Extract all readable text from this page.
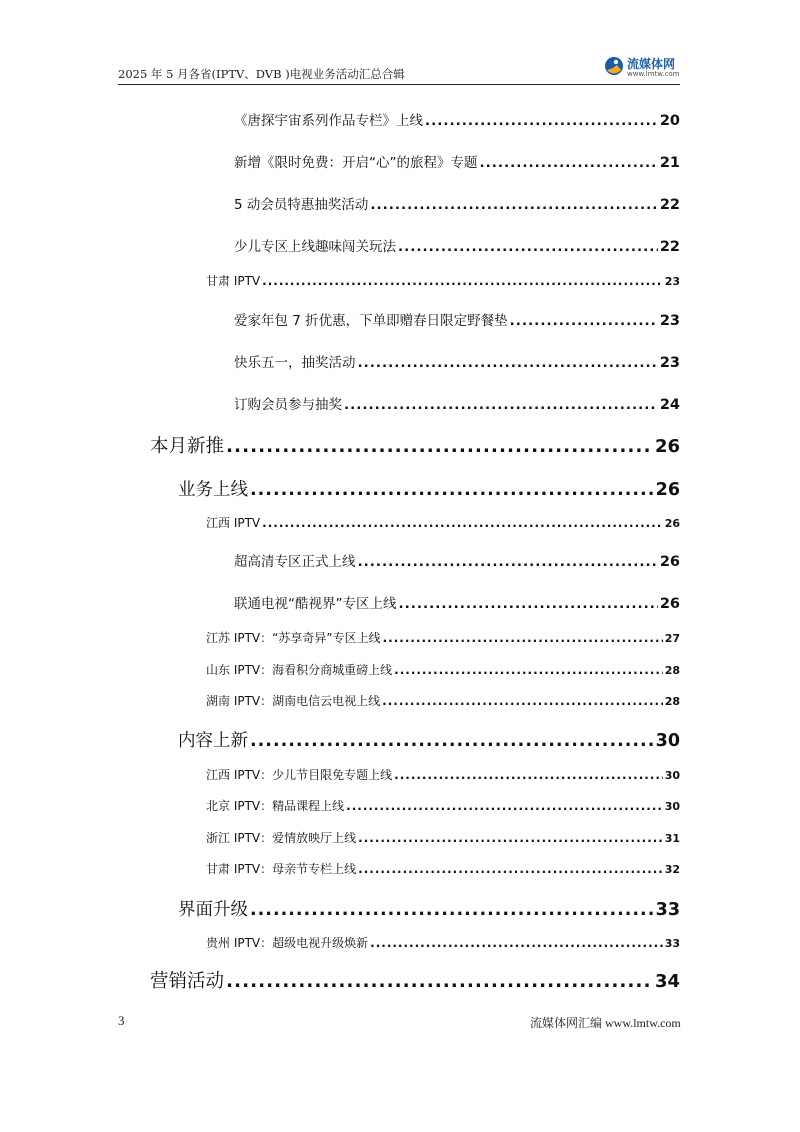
2025 年 5 月各省(IPTV、DVB )电视业务活动汇总合辑
流媒体网
www.lmtw.com
《唐探宇宙系列作品专栏》上线 .....	20
新增《限时免费：开启“心”的旅程》专题 .....	21
5 动会员特惠抽奖活动 .....	22
少儿专区上线趣味闯关玩法 .....	22
甘肃 IPTV .....	23
爱家年包 7 折优惠，下单即赠春日限定野餐垫 .....	23
快乐五一，抽奖活动 .....	23
订购会员参与抽奖 .....	24
本月新推 .....	26
业务上线 .....	26
江西 IPTV .....	26
超高清专区正式上线 .....	26
联通电视“酷视界”专区上线 .....	26
江苏 IPTV：“苏享奇异”专区上线 .....	27
山东 IPTV：海看积分商城重磅上线 .....	28
湖南 IPTV：湖南电信云电视上线 .....	28
内容上新 .....	30
江西 IPTV：少儿节目限免专题上线 .....	30
北京 IPTV：精品课程上线 .....	30
浙江 IPTV：爱情放映厅上线 .....	31
甘肃 IPTV：母亲节专栏上线 .....	32
界面升级 .....	33
贵州 IPTV：超级电视升级焕新 .....	33
营销活动 .....	34
3	流媒体网汇编 www.lmtw.com
